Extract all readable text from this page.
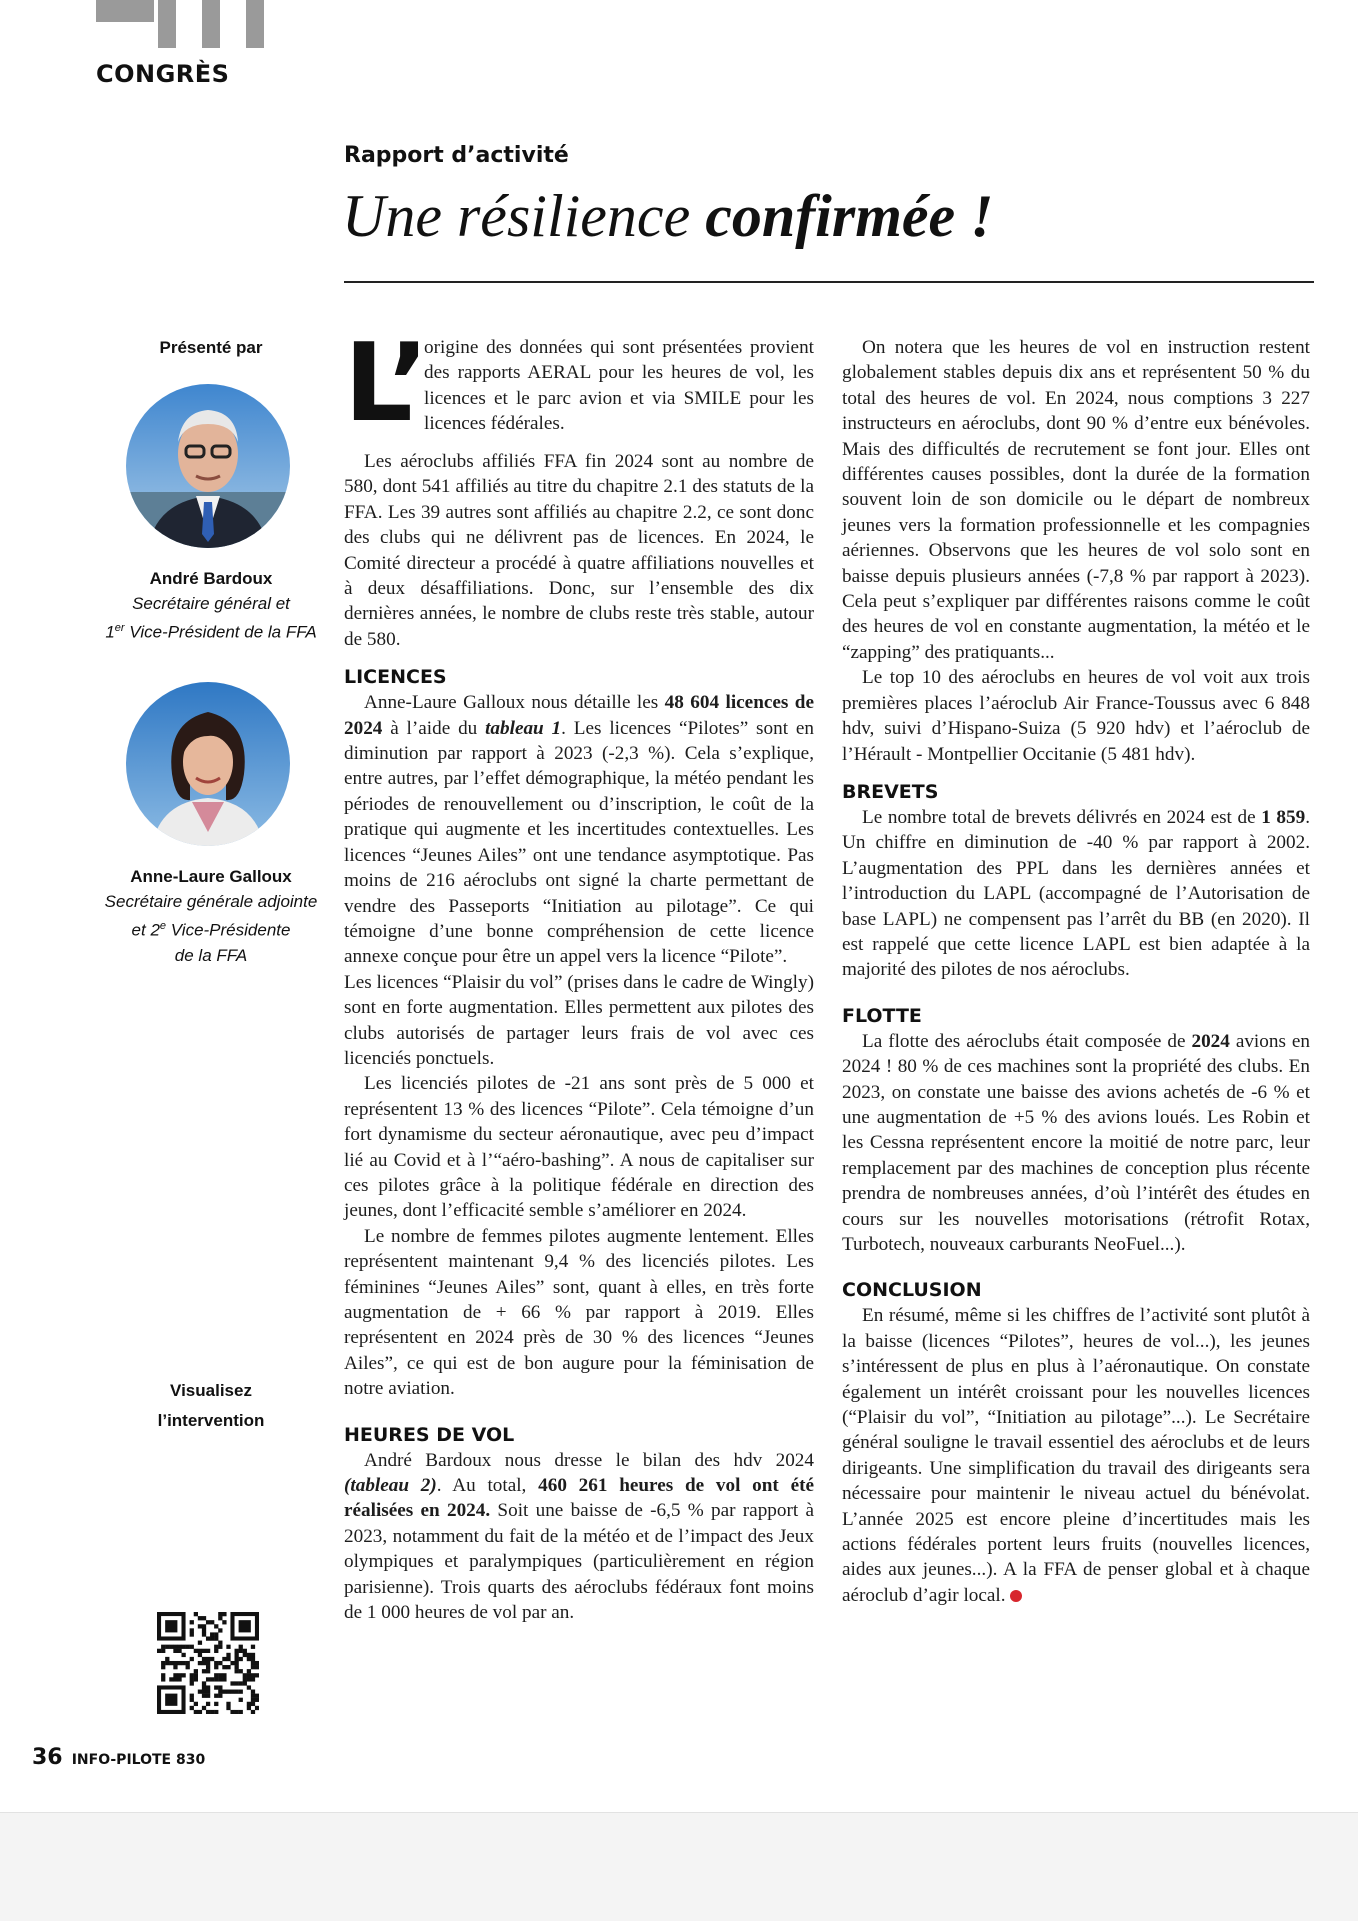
CONGRÈS
Rapport d’activité
Une résilience confirmée !
Présenté par
André Bardoux
Secrétaire général et
1er Vice-Président de la FFA
Anne-Laure Galloux
Secrétaire générale adjointe
et 2e Vice-Présidente
de la FFA
Visualisez
l’intervention
L’

origine des données qui sont présentées provient des rapports AERAL pour les heures de vol, les licences et le parc avion et via SMILE pour les licences fédérales.

Les aéroclubs affiliés FFA fin 2024 sont au nombre de 580, dont 541 affiliés au titre du chapitre 2.1 des statuts de la FFA. Les 39 autres sont affiliés au chapitre 2.2, ce sont donc des clubs qui ne délivrent pas de licences. En 2024, le Comité directeur a procédé à quatre affiliations nouvelles et à deux désaffiliations. Donc, sur l’ensemble des dix dernières années, le nombre de clubs reste très stable, autour de 580.

LICENCES

Anne-Laure Galloux nous détaille les 48 604 licences de 2024 à l’aide du tableau 1. Les licences “Pilotes” sont en diminution par rapport à 2023 (-2,3 %). Cela s’explique, entre autres, par l’effet démographique, la météo pendant les périodes de renouvellement ou d’inscription, le coût de la pratique qui augmente et les incertitudes contextuelles. Les licences “Jeunes Ailes” ont une tendance asymptotique. Pas moins de 216 aéroclubs ont signé la charte permettant de vendre des Passeports “Initiation au pilotage”. Ce qui témoigne d’une bonne compréhension de cette licence annexe conçue pour être un appel vers la licence “Pilote”.

Les licences “Plaisir du vol” (prises dans le cadre de Wingly) sont en forte augmentation. Elles permettent aux pilotes des clubs autorisés de partager leurs frais de vol avec ces licenciés ponctuels.

Les licenciés pilotes de -21 ans sont près de 5 000 et représentent 13 % des licences “Pilote”. Cela témoigne d’un fort dynamisme du secteur aéronautique, avec peu d’impact lié au Covid et à l’“aéro-bashing”. A nous de capitaliser sur ces pilotes grâce à la politique fédérale en direction des jeunes, dont l’efficacité semble s’améliorer en 2024.

Le nombre de femmes pilotes augmente lentement. Elles représentent maintenant 9,4 % des licenciés pilotes. Les féminines “Jeunes Ailes” sont, quant à elles, en très forte augmentation de + 66 % par rapport à 2019. Elles représentent en 2024 près de 30 % des licences “Jeunes Ailes”, ce qui est de bon augure pour la féminisation de notre aviation.

HEURES DE VOL

André Bardoux nous dresse le bilan des hdv 2024 (tableau 2). Au total, 460 261 heures de vol ont été réalisées en 2024. Soit une baisse de -6,5 % par rapport à 2023, notamment du fait de la météo et de l’impact des Jeux olympiques et paralympiques (particulièrement en région parisienne). Trois quarts des aéroclubs fédéraux font moins de 1 000 heures de vol par an.

On notera que les heures de vol en instruction restent globalement stables depuis dix ans et représentent 50 % du total des heures de vol. En 2024, nous comptions 3 227 instructeurs en aéroclubs, dont 90 % d’entre eux bénévoles. Mais des difficultés de recrutement se font jour. Elles ont différentes causes possibles, dont la durée de la formation souvent loin de son domicile ou le départ de nombreux jeunes vers la formation professionnelle et les compagnies aériennes. Observons que les heures de vol solo sont en baisse depuis plusieurs années (-7,8 % par rapport à 2023). Cela peut s’expliquer par différentes raisons comme le coût des heures de vol en constante augmentation, la météo et le “zapping” des pratiquants...

Le top 10 des aéroclubs en heures de vol voit aux trois premières places l’aéroclub Air France-Toussus avec 6 848 hdv, suivi d’Hispano-Suiza (5 920 hdv) et l’aéroclub de l’Hérault - Montpellier Occitanie (5 481 hdv).

BREVETS

Le nombre total de brevets délivrés en 2024 est de 1 859. Un chiffre en diminution de -40 % par rapport à 2002. L’augmentation des PPL dans les dernières années et l’introduction du LAPL (accompagné de l’Autorisation de base LAPL) ne compensent pas l’arrêt du BB (en 2020). Il est rappelé que cette licence LAPL est bien adaptée à la majorité des pilotes de nos aéroclubs.

FLOTTE

La flotte des aéroclubs était composée de 2024 avions en 2024 ! 80 % de ces machines sont la propriété des clubs. En 2023, on constate une baisse des avions achetés de -6 % et une augmentation de +5 % des avions loués. Les Robin et les Cessna représentent encore la moitié de notre parc, leur remplacement par des machines de conception plus récente prendra de nombreuses années, d’où l’intérêt des études en cours sur les nouvelles motorisations (rétrofit Rotax, Turbotech, nouveaux carburants NeoFuel...).

CONCLUSION

En résumé, même si les chiffres de l’activité sont plutôt à la baisse (licences “Pilotes”, heures de vol...), les jeunes s’intéressent de plus en plus à l’aéronautique. On constate également un intérêt croissant pour les nouvelles licences (“Plaisir du vol”, “Initiation au pilotage”...). Le Secrétaire général souligne le travail essentiel des aéroclubs et de leurs dirigeants. Une simplification du travail des dirigeants sera nécessaire pour maintenir le niveau actuel du bénévolat. L’année 2025 est encore pleine d’incertitudes mais les actions fédérales portent leurs fruits (nouvelles licences, aides aux jeunes...). A la FFA de penser global et à chaque aéroclub d’agir local.

36 INFO-PILOTE 830
